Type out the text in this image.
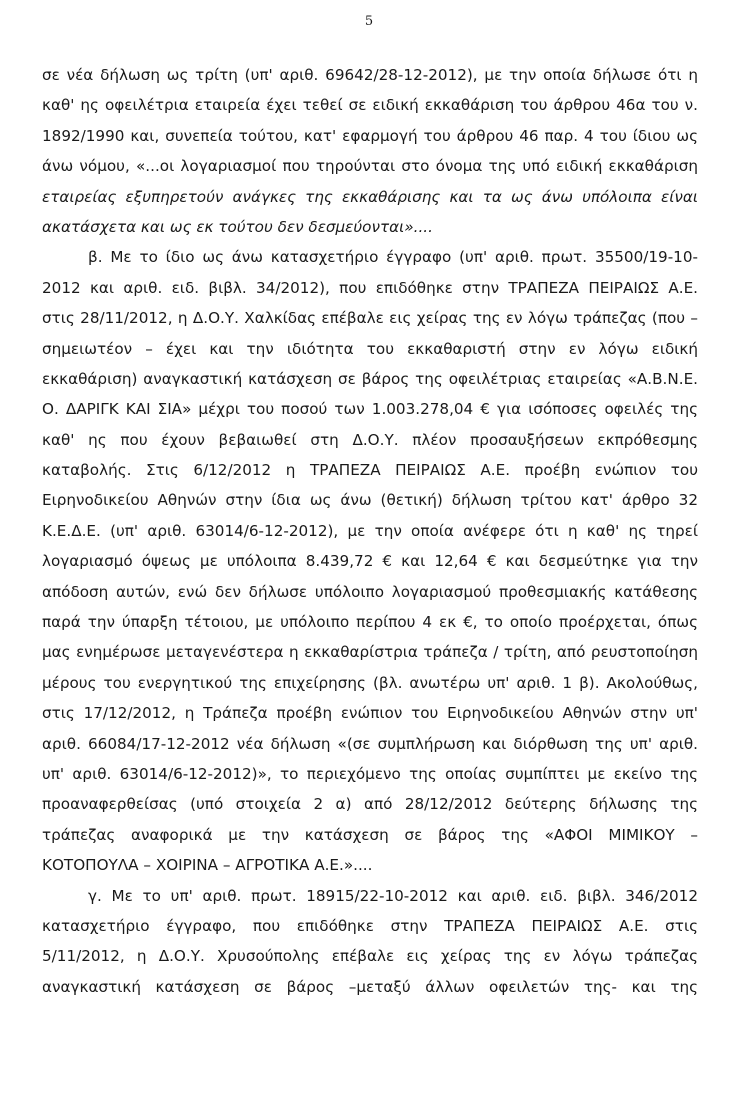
5
σε νέα δήλωση ως τρίτη (υπ' αριθ. 69642/28-12-2012), με την οποία δήλωσε ότι η
καθ' ης οφειλέτρια εταιρεία έχει τεθεί σε ειδική εκκαθάριση του άρθρου 46α του ν.
1892/1990 και, συνεπεία τούτου, κατ' εφαρμογή του άρθρου 46 παρ. 4 του ίδιου ως
άνω νόμου, «...οι λογαριασμοί που τηρούνται στο όνομα της υπό ειδική εκκαθάριση
εταιρείας εξυπηρετούν ανάγκες της εκκαθάρισης και τα ως άνω υπόλοιπα είναι
ακατάσχετα και ως εκ τούτου δεν δεσμεύονται»....
β. Με το ίδιο ως άνω κατασχετήριο έγγραφο (υπ' αριθ. πρωτ. 35500/19-10-
2012 και αριθ. ειδ. βιβλ. 34/2012), που επιδόθηκε στην ΤΡΑΠΕΖΑ ΠΕΙΡΑΙΩΣ Α.Ε.
στις 28/11/2012, η Δ.Ο.Υ. Χαλκίδας επέβαλε εις χείρας της εν λόγω τράπεζας (που –
σημειωτέον – έχει και την ιδιότητα του εκκαθαριστή στην εν λόγω ειδική
εκκαθάριση) αναγκαστική κατάσχεση σε βάρος της οφειλέτριας εταιρείας «Α.Β.Ν.Ε.
Ο. ΔΑΡΙΓΚ ΚΑΙ ΣΙΑ» μέχρι του ποσού των 1.003.278,04 € για ισόποσες οφειλές της
καθ' ης που έχουν βεβαιωθεί στη Δ.Ο.Υ. πλέον προσαυξήσεων εκπρόθεσμης
καταβολής. Στις 6/12/2012 η ΤΡΑΠΕΖΑ ΠΕΙΡΑΙΩΣ Α.Ε. προέβη ενώπιον του
Ειρηνοδικείου Αθηνών στην ίδια ως άνω (θετική) δήλωση τρίτου κατ' άρθρο 32
Κ.Ε.Δ.Ε. (υπ' αριθ. 63014/6-12-2012), με την οποία ανέφερε ότι η καθ' ης τηρεί
λογαριασμό όψεως με υπόλοιπα 8.439,72 € και 12,64 € και δεσμεύτηκε για την
απόδοση αυτών, ενώ δεν δήλωσε υπόλοιπο λογαριασμού προθεσμιακής κατάθεσης
παρά την ύπαρξη τέτοιου, με υπόλοιπο περίπου 4 εκ €, το οποίο προέρχεται, όπως
μας ενημέρωσε μεταγενέστερα η εκκαθαρίστρια τράπεζα / τρίτη, από ρευστοποίηση
μέρους του ενεργητικού της επιχείρησης (βλ. ανωτέρω υπ' αριθ. 1 β). Ακολούθως,
στις 17/12/2012, η Τράπεζα προέβη ενώπιον του Ειρηνοδικείου Αθηνών στην υπ'
αριθ. 66084/17-12-2012 νέα δήλωση «(σε συμπλήρωση και διόρθωση της υπ' αριθ.
υπ' αριθ. 63014/6-12-2012)», το περιεχόμενο της οποίας συμπίπτει με εκείνο της
προαναφερθείσας (υπό στοιχεία 2 α) από 28/12/2012 δεύτερης δήλωσης της
τράπεζας αναφορικά με την κατάσχεση σε βάρος της «ΑΦΟΙ ΜΙΜΙΚΟΥ –
ΚΟΤΟΠΟΥΛΑ – ΧΟΙΡΙΝΑ – ΑΓΡΟΤΙΚΑ Α.Ε.»....
γ. Με το υπ' αριθ. πρωτ. 18915/22-10-2012 και αριθ. ειδ. βιβλ. 346/2012
κατασχετήριο έγγραφο, που επιδόθηκε στην ΤΡΑΠΕΖΑ ΠΕΙΡΑΙΩΣ Α.Ε. στις
5/11/2012, η Δ.Ο.Υ. Χρυσούπολης επέβαλε εις χείρας της εν λόγω τράπεζας
αναγκαστική κατάσχεση σε βάρος –μεταξύ άλλων οφειλετών της- και της
